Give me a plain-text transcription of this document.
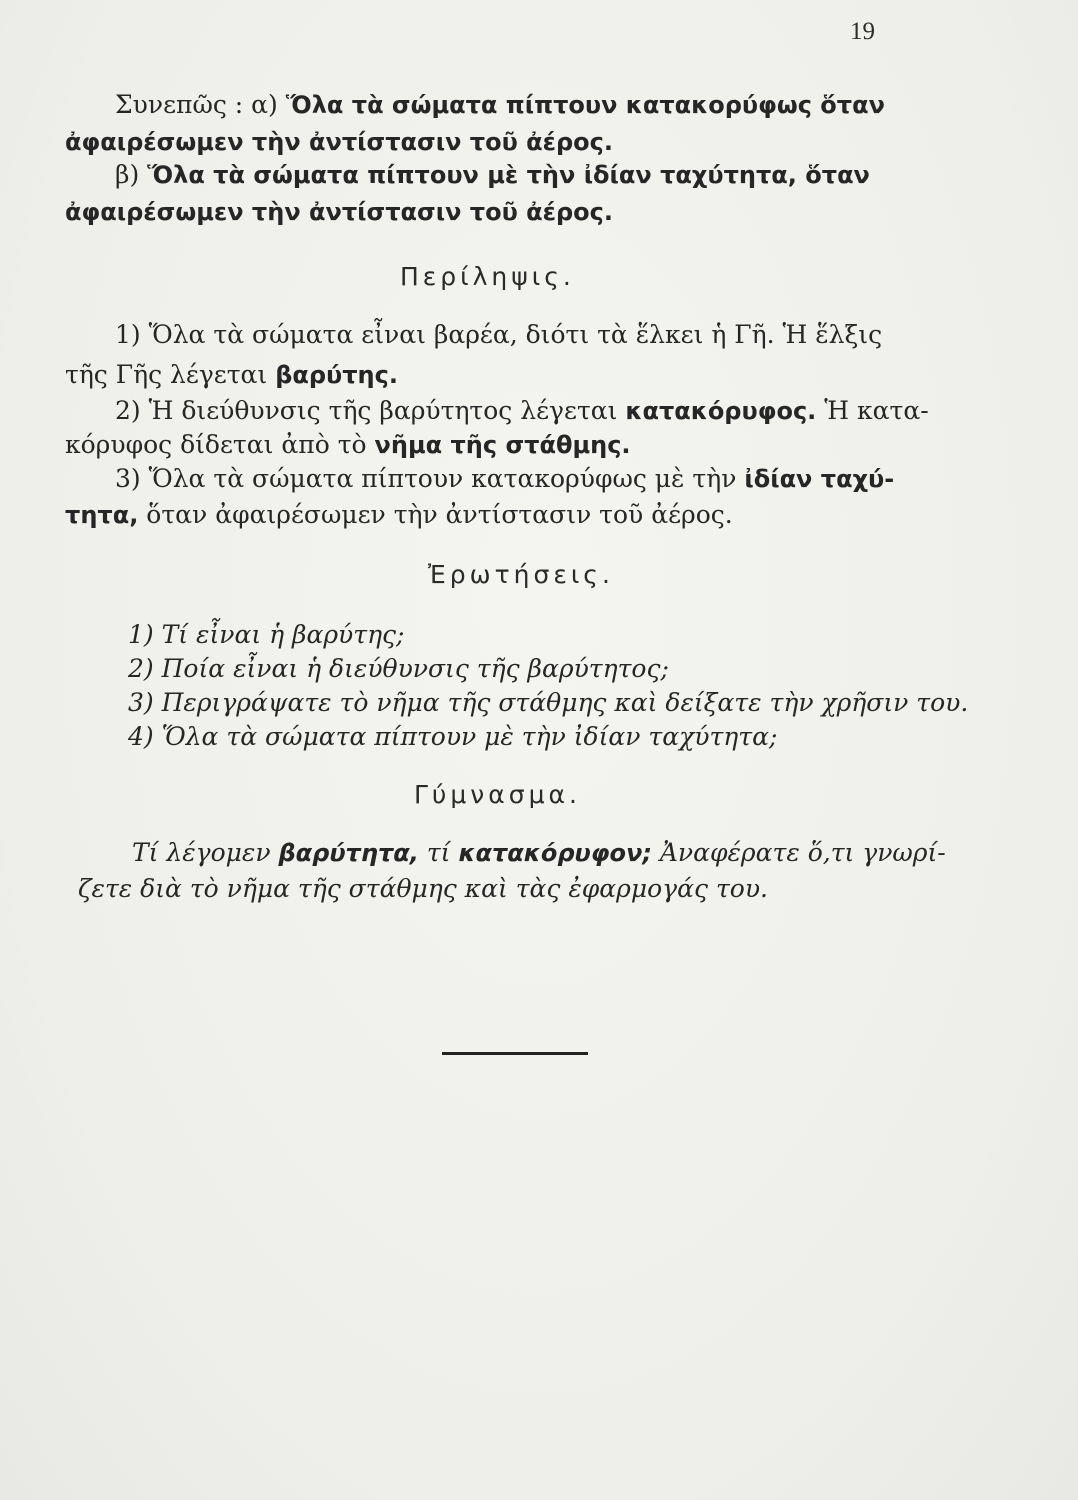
19
Συνεπῶς : α) Ὅλα τὰ σώματα πίπτουν κατακορύφως ὅταν
ἀφαιρέσωμεν τὴν ἀντίστασιν τοῦ ἀέρος.
β) Ὅλα τὰ σώματα πίπτουν μὲ τὴν ἰδίαν ταχύτητα, ὅταν
ἀφαιρέσωμεν τὴν ἀντίστασιν τοῦ ἀέρος.
Περίληψις.
1) Ὅλα τὰ σώματα εἶναι βαρέα, διότι τὰ ἕλκει ἡ Γῆ. Ἡ ἕλξις
τῆς Γῆς λέγεται βαρύτης.
2) Ἡ διεύθυνσις τῆς βαρύτητος λέγεται κατακόρυφος. Ἡ κατα-
κόρυφος δίδεται ἀπὸ τὸ νῆμα τῆς στάθμης.
3) Ὅλα τὰ σώματα πίπτουν κατακορύφως μὲ τὴν ἰδίαν ταχύ-
τητα, ὅταν ἀφαιρέσωμεν τὴν ἀντίστασιν τοῦ ἀέρος.
Ἐρωτήσεις.
1) Τί εἶναι ἡ βαρύτης;
2) Ποία εἶναι ἡ διεύθυνσις τῆς βαρύτητος;
3) Περιγράψατε τὸ νῆμα τῆς στάθμης καὶ δείξατε τὴν χρῆσιν του.
4) Ὅλα τὰ σώματα πίπτουν μὲ τὴν ἰδίαν ταχύτητα;
Γύμνασμα.
Τί λέγομεν βαρύτητα, τί κατακόρυφον; Ἀναφέρατε ὅ,τι γνωρί-
ζετε διὰ τὸ νῆμα τῆς στάθμης καὶ τὰς ἐφαρμογάς του.
